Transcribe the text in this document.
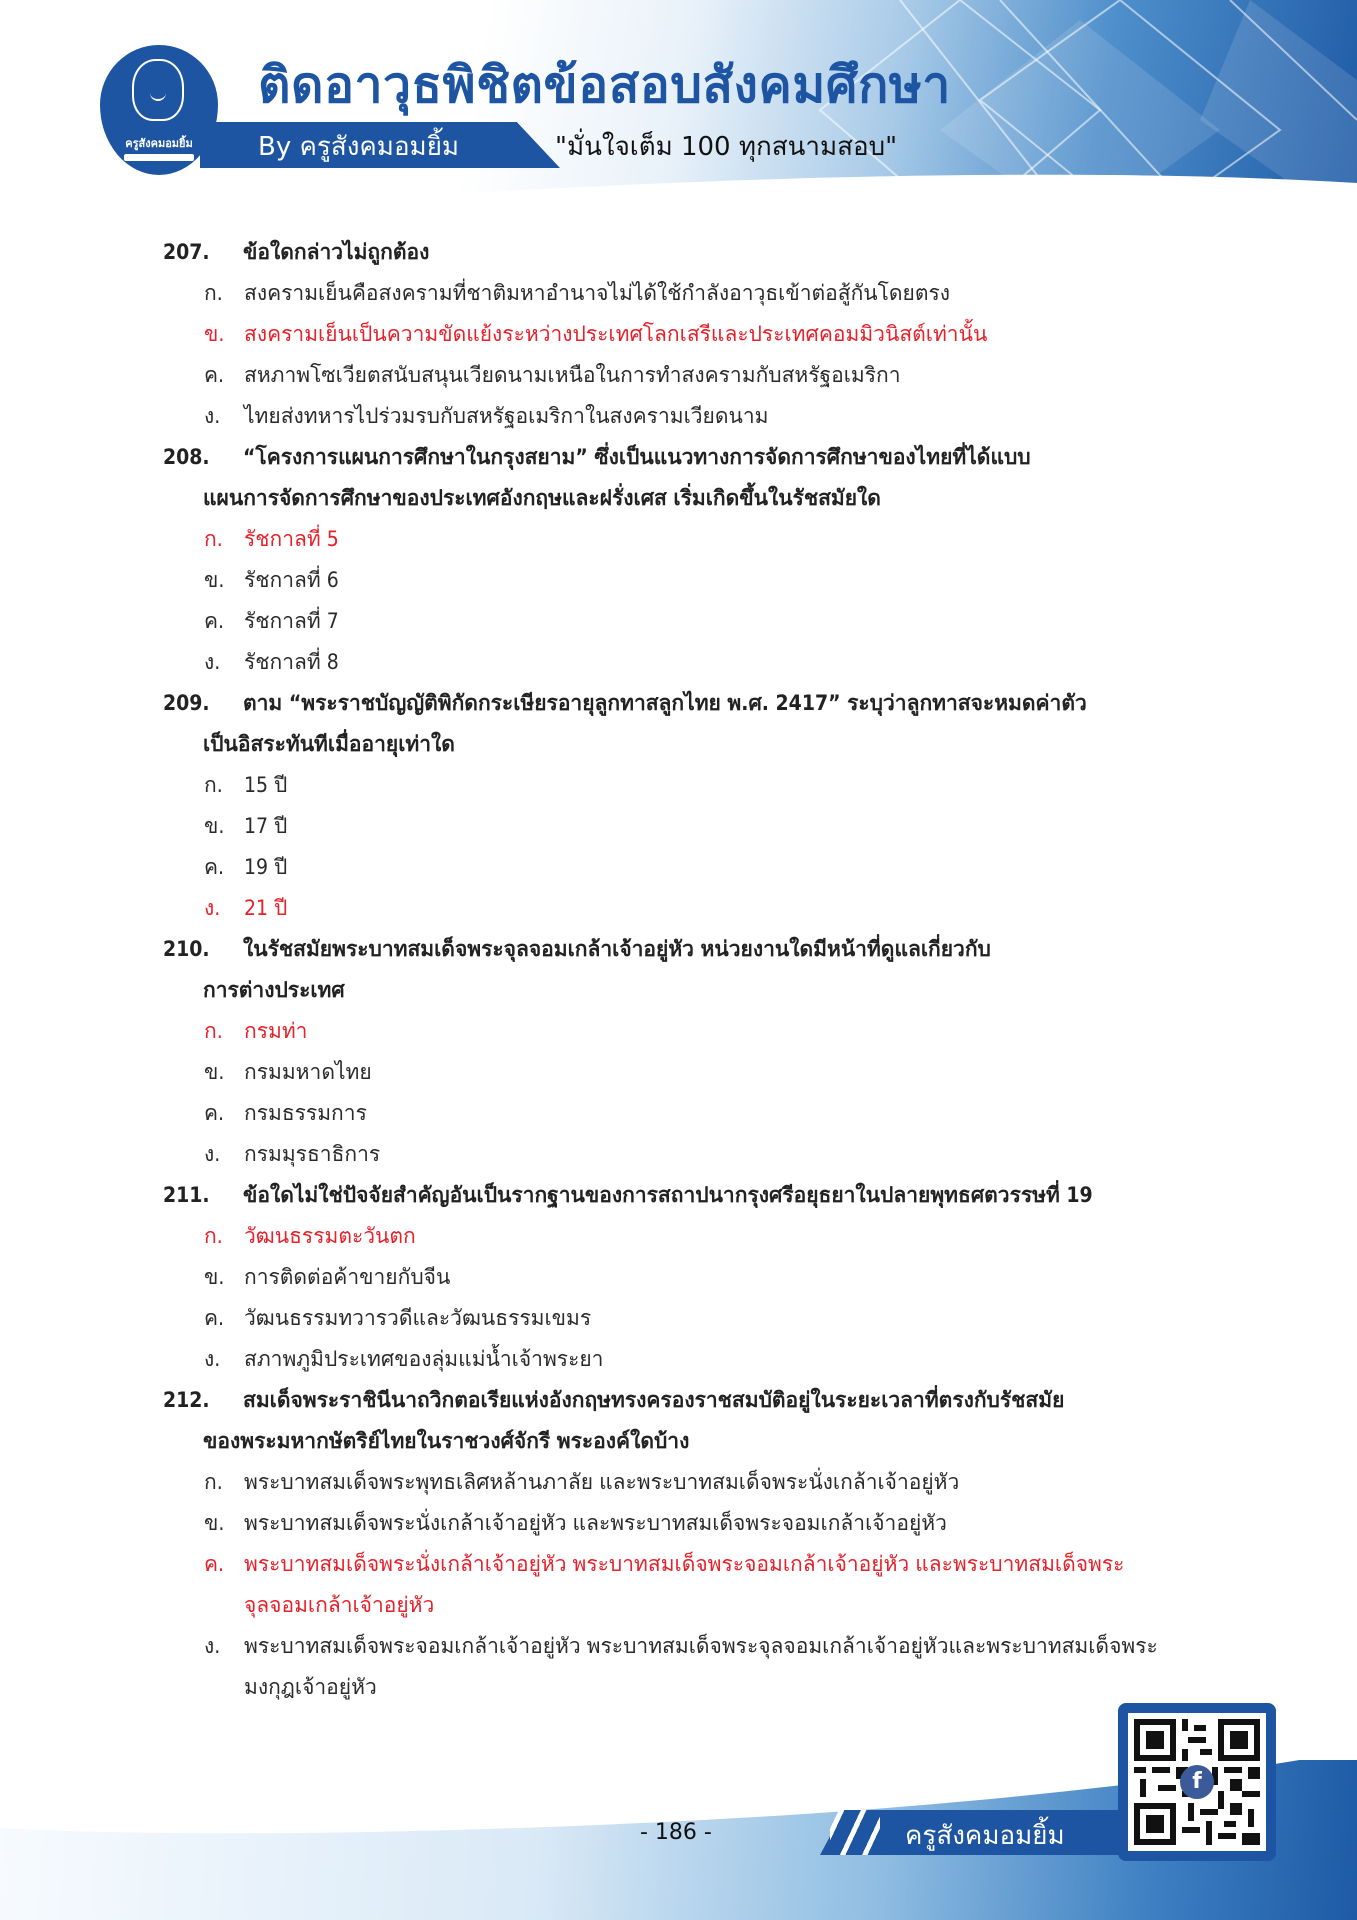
ครูสังคมอมยิ้ม
ติดอาวุธพิชิตข้อสอบสังคมศึกษา
By ครูสังคมอมยิ้ม	"มั่นใจเต็ม 100 ทุกสนามสอบ"
207.	ข้อใดกล่าวไม่ถูกต้อง
ก.	สงครามเย็นคือสงครามที่ชาติมหาอำนาจไม่ได้ใช้กำลังอาวุธเข้าต่อสู้กันโดยตรง
ข. สงครามเย็นเป็นความขัดแย้งระหว่างประเทศโลกเสรีและประเทศคอมมิวนิสต์เท่านั้น
ค. สหภาพโซเวียตสนับสนุนเวียดนามเหนือในการทำสงครามกับสหรัฐอเมริกา
ง.	ไทยส่งทหารไปร่วมรบกับสหรัฐอเมริกาในสงครามเวียดนาม
208.	“โครงการแผนการศึกษาในกรุงสยาม” ซึ่งเป็นแนวทางการจัดการศึกษาของไทยที่ได้แบบ
แผนการจัดการศึกษาของประเทศอังกฤษและฝรั่งเศส เริ่มเกิดขึ้นในรัชสมัยใด
ก.	รัชกาลที่ 5
ข. รัชกาลที่ 6
ค. รัชกาลที่ 7
ง.	รัชกาลที่ 8
209.	ตาม “พระราชบัญญัติพิกัดกระเษียรอายุลูกทาสลูกไทย พ.ศ. 2417” ระบุว่าลูกทาสจะหมดค่าตัว
เป็นอิสระทันทีเมื่ออายุเท่าใด
ก.	15 ปี
ข. 17 ปี
ค. 19 ปี
ง.	21 ปี
210.	ในรัชสมัยพระบาทสมเด็จพระจุลจอมเกล้าเจ้าอยู่หัว หน่วยงานใดมีหน้าที่ดูแลเกี่ยวกับ
การต่างประเทศ
ก.	กรมท่า
ข. กรมมหาดไทย
ค. กรมธรรมการ
ง.	กรมมุรธาธิการ
211.	ข้อใดไม่ใช่ปัจจัยสำคัญอันเป็นรากฐานของการสถาปนากรุงศรีอยุธยาในปลายพุทธศตวรรษที่ 19
ก.	วัฒนธรรมตะวันตก
ข. การติดต่อค้าขายกับจีน
ค. วัฒนธรรมทวารวดีและวัฒนธรรมเขมร
ง.	สภาพภูมิประเทศของลุ่มแม่น้ำเจ้าพระยา
212.	สมเด็จพระราชินีนาถวิกตอเรียแห่งอังกฤษทรงครองราชสมบัติอยู่ในระยะเวลาที่ตรงกับรัชสมัย
ของพระมหากษัตริย์ไทยในราชวงศ์จักรี พระองค์ใดบ้าง
ก.	พระบาทสมเด็จพระพุทธเลิศหล้านภาลัย และพระบาทสมเด็จพระนั่งเกล้าเจ้าอยู่หัว
ข. พระบาทสมเด็จพระนั่งเกล้าเจ้าอยู่หัว และพระบาทสมเด็จพระจอมเกล้าเจ้าอยู่หัว
ค. พระบาทสมเด็จพระนั่งเกล้าเจ้าอยู่หัว พระบาทสมเด็จพระจอมเกล้าเจ้าอยู่หัว และพระบาทสมเด็จพระจุลจอมเกล้าเจ้าอยู่หัว
ง.	พระบาทสมเด็จพระจอมเกล้าเจ้าอยู่หัว พระบาทสมเด็จพระจุลจอมเกล้าเจ้าอยู่หัวและพระบาทสมเด็จพระมงกุฎเจ้าอยู่หัว
- 186 -	ครูสังคมอมยิ้ม
f
